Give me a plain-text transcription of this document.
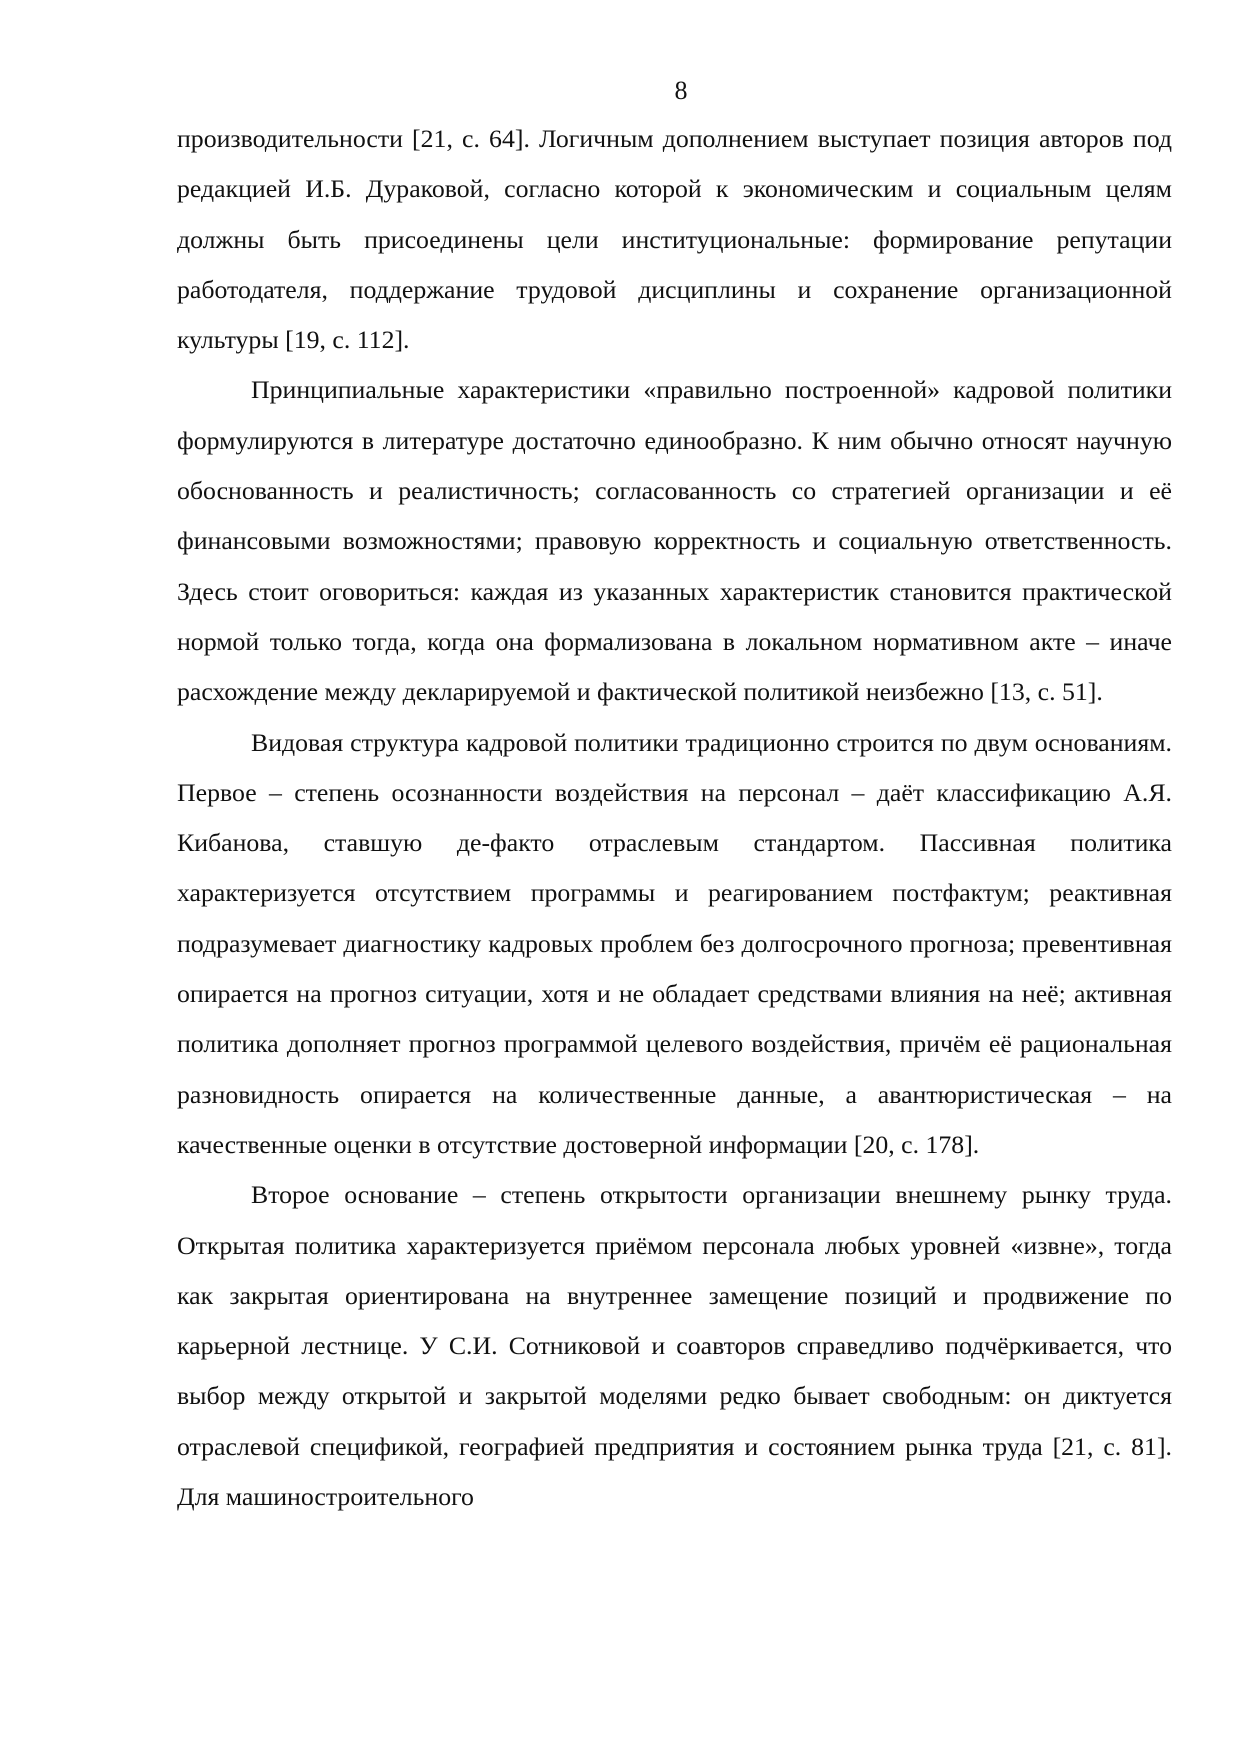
8

производительности [21, с. 64]. Логичным дополнением выступает позиция авторов под редакцией И.Б. Дураковой, согласно которой к экономическим и социальным целям должны быть присоединены цели институциональные: формирование репутации работодателя, поддержание трудовой дисциплины и сохранение организационной культуры [19, с. 112].

Принципиальные характеристики «правильно построенной» кадровой политики формулируются в литературе достаточно единообразно. К ним обычно относят научную обоснованность и реалистичность; согласованность со стратегией организации и её финансовыми возможностями; правовую корректность и социальную ответственность. Здесь стоит оговориться: каждая из указанных характеристик становится практической нормой только тогда, когда она формализована в локальном нормативном акте – иначе расхождение между декларируемой и фактической политикой неизбежно [13, с. 51].

Видовая структура кадровой политики традиционно строится по двум основаниям. Первое – степень осознанности воздействия на персонал – даёт классификацию А.Я. Кибанова, ставшую де-факто отраслевым стандартом. Пассивная политика характеризуется отсутствием программы и реагированием постфактум; реактивная подразумевает диагностику кадровых проблем без долгосрочного прогноза; превентивная опирается на прогноз ситуации, хотя и не обладает средствами влияния на неё; активная политика дополняет прогноз программой целевого воздействия, причём её рациональная разновидность опирается на количественные данные, а авантюристическая – на качественные оценки в отсутствие достоверной информации [20, с. 178].

Второе основание – степень открытости организации внешнему рынку труда. Открытая политика характеризуется приёмом персонала любых уровней «извне», тогда как закрытая ориентирована на внутреннее замещение позиций и продвижение по карьерной лестнице. У С.И. Сотниковой и соавторов справедливо подчёркивается, что выбор между открытой и закрытой моделями редко бывает свободным: он диктуется отраслевой спецификой, географией предприятия и состоянием рынка труда [21, с. 81]. Для машиностроительного
